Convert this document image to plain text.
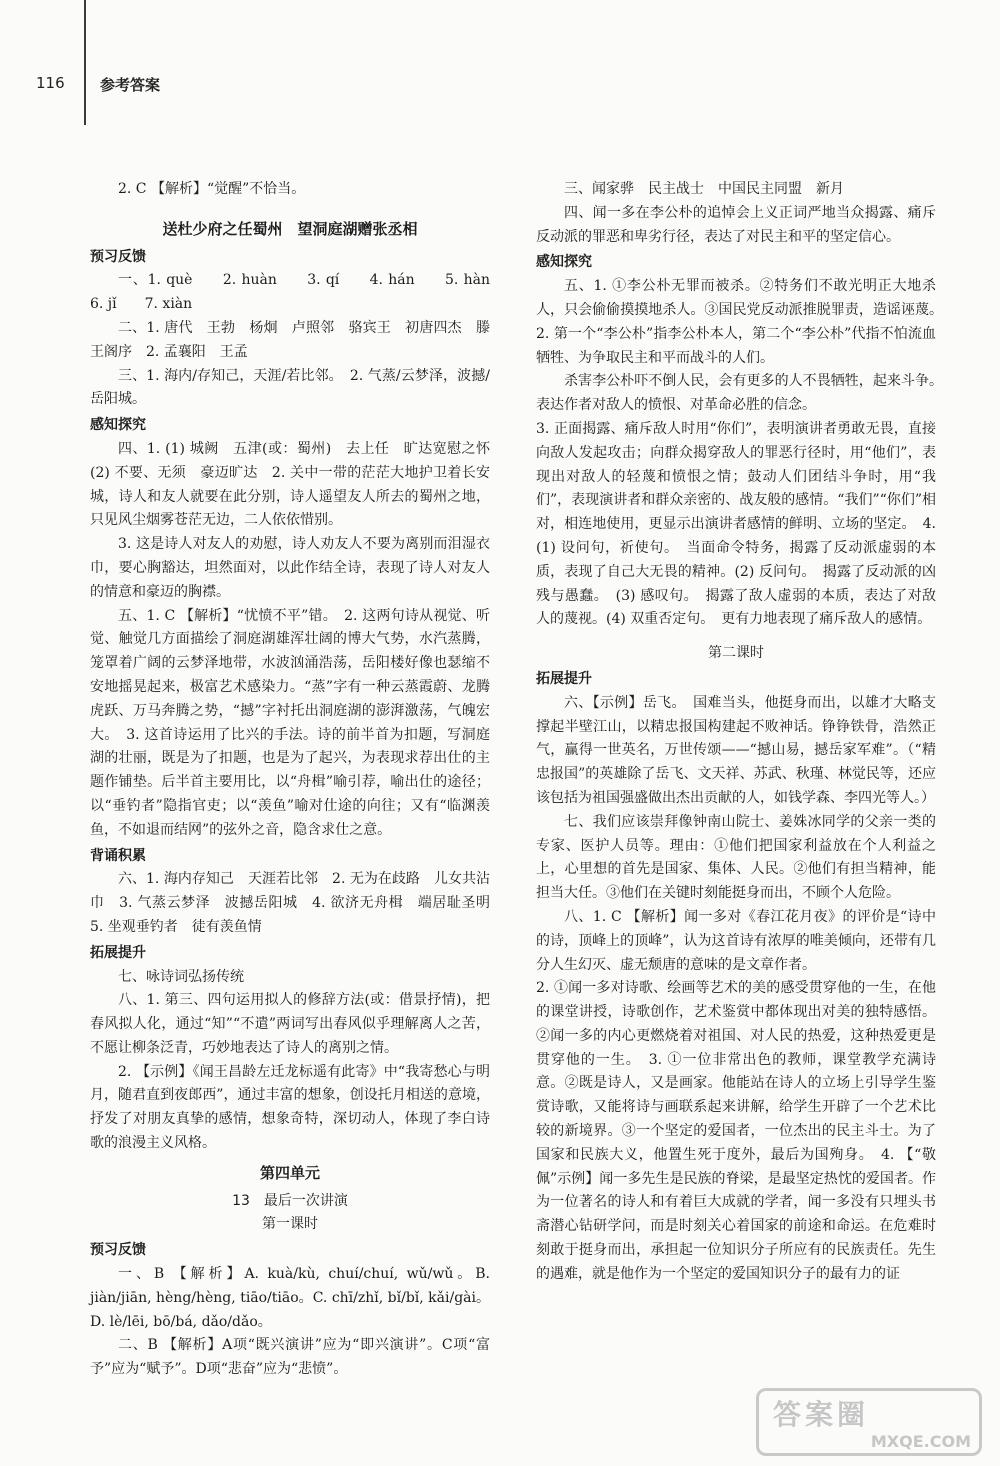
116 参考答案
2. C 【解析】“觉醒”不恰当。
送杜少府之任蜀州　望洞庭湖赠张丞相
预习反馈
一、1. què　　2. huàn　　3. qí　　4. hán　　5. hàn　6. jǐ　　7. xiàn
二、1. 唐代　王勃　杨炯　卢照邻　骆宾王　初唐四杰　滕王阁序　2. 孟襄阳　王孟
三、1. 海内/存知己，天涯/若比邻。　2. 气蒸/云梦泽，波撼/岳阳城。
感知探究
四、1. (1) 城阙　五津(或：蜀州)　去上任　旷达宽慰之怀　(2) 不要、无须　豪迈旷达　2. 关中一带的茫茫大地护卫着长安城，诗人和友人就要在此分别，诗人遥望友人所去的蜀州之地，只见风尘烟雾苍茫无边，二人依依惜别。
3. 这是诗人对友人的劝慰，诗人劝友人不要为离别而泪湿衣巾，要心胸豁达，坦然面对，以此作结全诗，表现了诗人对友人的情意和豪迈的胸襟。
五、1. C 【解析】“忧愤不平”错。　2. 这两句诗从视觉、听觉、触觉几方面描绘了洞庭湖雄浑壮阔的博大气势，水汽蒸腾，笼罩着广阔的云梦泽地带，水波汹涌浩荡，岳阳楼好像也瑟缩不安地摇晃起来，极富艺术感染力。“蒸”字有一种云蒸霞蔚、龙腾虎跃、万马奔腾之势，“撼”字衬托出洞庭湖的澎湃激荡，气魄宏大。　3. 这首诗运用了比兴的手法。诗的前半首为扣题，写洞庭湖的壮丽，既是为了扣题，也是为了起兴，为表现求荐出仕的主题作铺垫。后半首主要用比，以“舟楫”喻引荐，喻出仕的途径；以“垂钓者”隐指官吏；以“羡鱼”喻对仕途的向往；又有“临渊羡鱼，不如退而结网”的弦外之音，隐含求仕之意。
背诵积累
六、1. 海内存知己　天涯若比邻　2. 无为在歧路　儿女共沾巾　3. 气蒸云梦泽　波撼岳阳城　4. 欲济无舟楫　端居耻圣明　5. 坐观垂钓者　徒有羡鱼情
拓展提升
七、咏诗词弘扬传统
八、1. 第三、四句运用拟人的修辞方法(或：借景抒情)，把春风拟人化，通过“知”“不遣”两词写出春风似乎理解离人之苦，不愿让柳条泛青，巧妙地表达了诗人的离别之情。
2. 【示例】《闻王昌龄左迁龙标遥有此寄》中“我寄愁心与明月，随君直到夜郎西”，通过丰富的想象，创设托月相送的意境，抒发了对朋友真挚的感情，想象奇特，深切动人，体现了李白诗歌的浪漫主义风格。
第四单元
13　最后一次讲演
第一课时
预习反馈
一、B 【解析】A. kuà/kù, chuí/chuí, wǔ/wǔ。B. jiàn/jiān, hèng/hèng, tiāo/tiāo。C. chī/zhǐ, bǐ/bǐ, kǎi/gài。D. lè/lēi, bō/bá, dǎo/dǎo。
二、B 【解析】A项“既兴演讲”应为“即兴演讲”。C项“富予”应为“赋予”。D项“悲奋”应为“悲愤”。
三、闻家骅　民主战士　中国民主同盟　新月
四、闻一多在李公朴的追悼会上义正词严地当众揭露、痛斥反动派的罪恶和卑劣行径，表达了对民主和平的坚定信心。
感知探究
五、1. ①李公朴无罪而被杀。②特务们不敢光明正大地杀人，只会偷偷摸摸地杀人。③国民党反动派推脱罪责，造谣诬蔑。　2. 第一个“李公朴”指李公朴本人，第二个“李公朴”代指不怕流血牺牲、为争取民主和平而战斗的人们。
杀害李公朴吓不倒人民，会有更多的人不畏牺牲，起来斗争。　表达作者对敌人的愤恨、对革命必胜的信念。
3. 正面揭露、痛斥敌人时用“你们”，表明演讲者勇敢无畏，直接向敌人发起攻击；向群众揭穿敌人的罪恶行径时，用“他们”，表现出对敌人的轻蔑和愤恨之情；鼓动人们团结斗争时，用“我们”，表现演讲者和群众亲密的、战友般的感情。“我们”“你们”相对，相连地使用，更显示出演讲者感情的鲜明、立场的坚定。　4. (1) 设问句，祈使句。　当面命令特务，揭露了反动派虚弱的本质，表现了自己大无畏的精神。(2) 反问句。　揭露了反动派的凶残与愚蠢。　(3) 感叹句。　揭露了敌人虚弱的本质，表达了对敌人的蔑视。(4) 双重否定句。　更有力地表现了痛斥敌人的感情。
第二课时
拓展提升
六、【示例】岳飞。　国难当头，他挺身而出，以雄才大略支撑起半壁江山，以精忠报国构建起不败神话。铮铮铁骨，浩然正气，赢得一世英名，万世传颂——“撼山易，撼岳家军难”。（“精忠报国”的英雄除了岳飞、文天祥、苏武、秋瑾、林觉民等，还应该包括为祖国强盛做出杰出贡献的人，如钱学森、李四光等人。）
七、我们应该崇拜像钟南山院士、姜姝冰同学的父亲一类的专家、医护人员等。理由：①他们把国家利益放在个人利益之上，心里想的首先是国家、集体、人民。②他们有担当精神，能担当大任。③他们在关键时刻能挺身而出，不顾个人危险。
八、1. C 【解析】闻一多对《春江花月夜》的评价是“诗中的诗，顶峰上的顶峰”，认为这首诗有浓厚的唯美倾向，还带有几分人生幻灭、虚无颓唐的意味的是文章作者。
2. ①闻一多对诗歌、绘画等艺术的美的感受贯穿他的一生，在他的课堂讲授，诗歌创作，艺术鉴赏中都体现出对美的独特感悟。②闻一多的内心更燃烧着对祖国、对人民的热爱，这种热爱更是贯穿他的一生。　3. ①一位非常出色的教师，课堂教学充满诗意。②既是诗人，又是画家。他能站在诗人的立场上引导学生鉴赏诗歌，又能将诗与画联系起来讲解，给学生开辟了一个艺术比较的新境界。③一个坚定的爱国者，一位杰出的民主斗士。为了国家和民族大义，他置生死于度外，最后为国殉身。　4. 【“敬佩”示例】闻一多先生是民族的脊梁，是最坚定热忱的爱国者。作为一位著名的诗人和有着巨大成就的学者，闻一多没有只埋头书斋潜心钻研学问，而是时刻关心着国家的前途和命运。在危难时刻敢于挺身而出，承担起一位知识分子所应有的民族责任。先生的遇难，就是他作为一个坚定的爱国知识分子的最有力的证
答案圈
MXQE.COM
